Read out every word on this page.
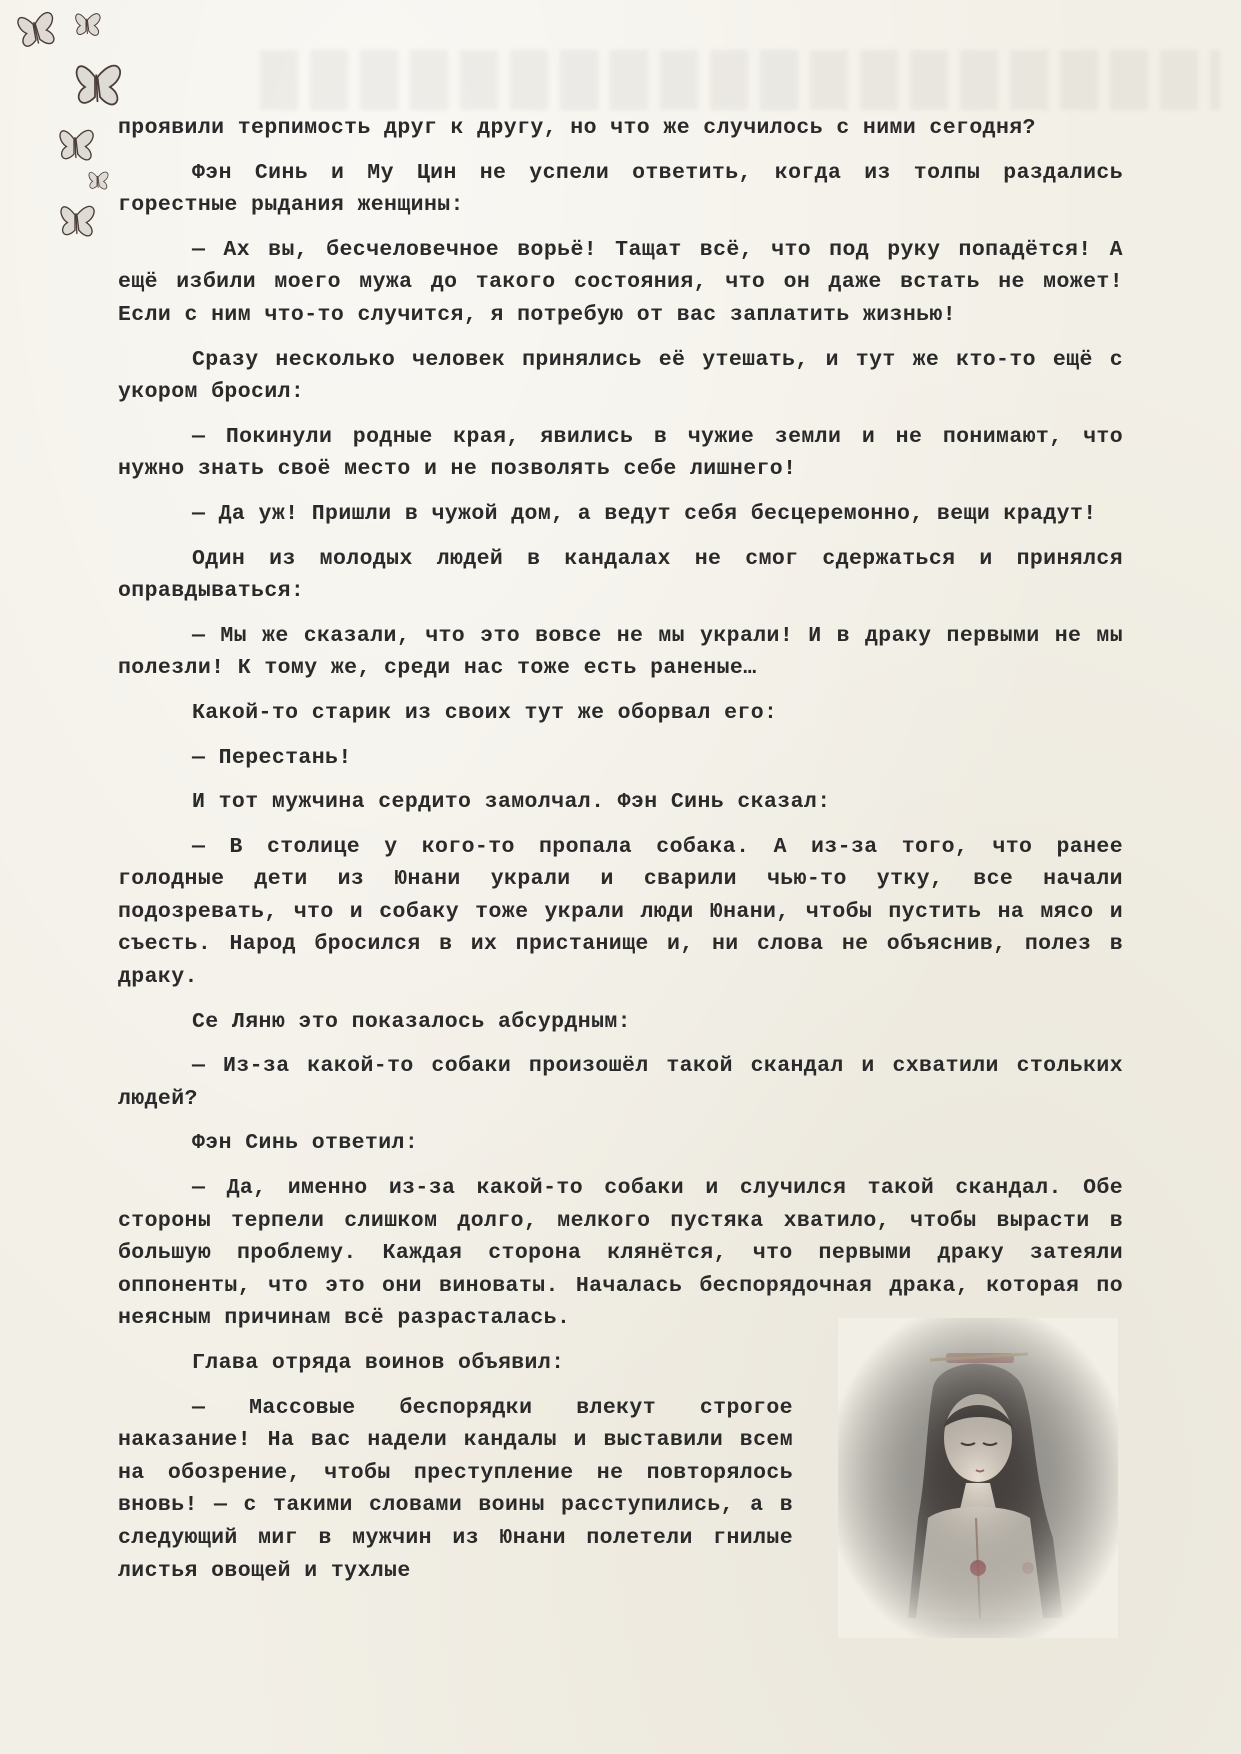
проявили терпимость друг к другу, но что же случилось с ними сегодня?

Фэн Синь и Му Цин не успели ответить, когда из толпы раздались горестные рыдания женщины:

— Ах вы, бесчеловечное ворьё! Тащат всё, что под руку попадётся! А ещё избили моего мужа до такого состояния, что он даже встать не может! Если с ним что-то случится, я потребую от вас заплатить жизнью!

Сразу несколько человек принялись её утешать, и тут же кто-то ещё с укором бросил:

— Покинули родные края, явились в чужие земли и не понимают, что нужно знать своё место и не позволять себе лишнего!

— Да уж! Пришли в чужой дом, а ведут себя бесцеремонно, вещи крадут!

Один из молодых людей в кандалах не смог сдержаться и принялся оправдываться:

— Мы же сказали, что это вовсе не мы украли! И в драку первыми не мы полезли! К тому же, среди нас тоже есть раненые…

Какой-то старик из своих тут же оборвал его:

— Перестань!

И тот мужчина сердито замолчал. Фэн Синь сказал:

— В столице у кого-то пропала собака. А из-за того, что ранее голодные дети из Юнани украли и сварили чью-то утку, все начали подозревать, что и собаку тоже украли люди Юнани, чтобы пустить на мясо и съесть. Народ бросился в их пристанище и, ни слова не объяснив, полез в драку.

Се Ляню это показалось абсурдным:

— Из-за какой-то собаки произошёл такой скандал и схватили стольких людей?

Фэн Синь ответил:

— Да, именно из-за какой-то собаки и случился такой скандал. Обе стороны терпели слишком долго, мелкого пустяка хватило, чтобы вырасти в большую проблему. Каждая сторона клянётся, что первыми драку затеяли оппоненты, что это они виноваты. Началась беспорядочная драка, которая по неясным причинам всё разрасталась.

Глава отряда воинов объявил:

— Массовые беспорядки влекут строгое наказание! На вас надели кандалы и выставили всем на обозрение, чтобы преступление не повторялось вновь! — с такими словами воины расступились, а в следующий миг в мужчин из Юнани полетели гнилые листья овощей и тухлые
